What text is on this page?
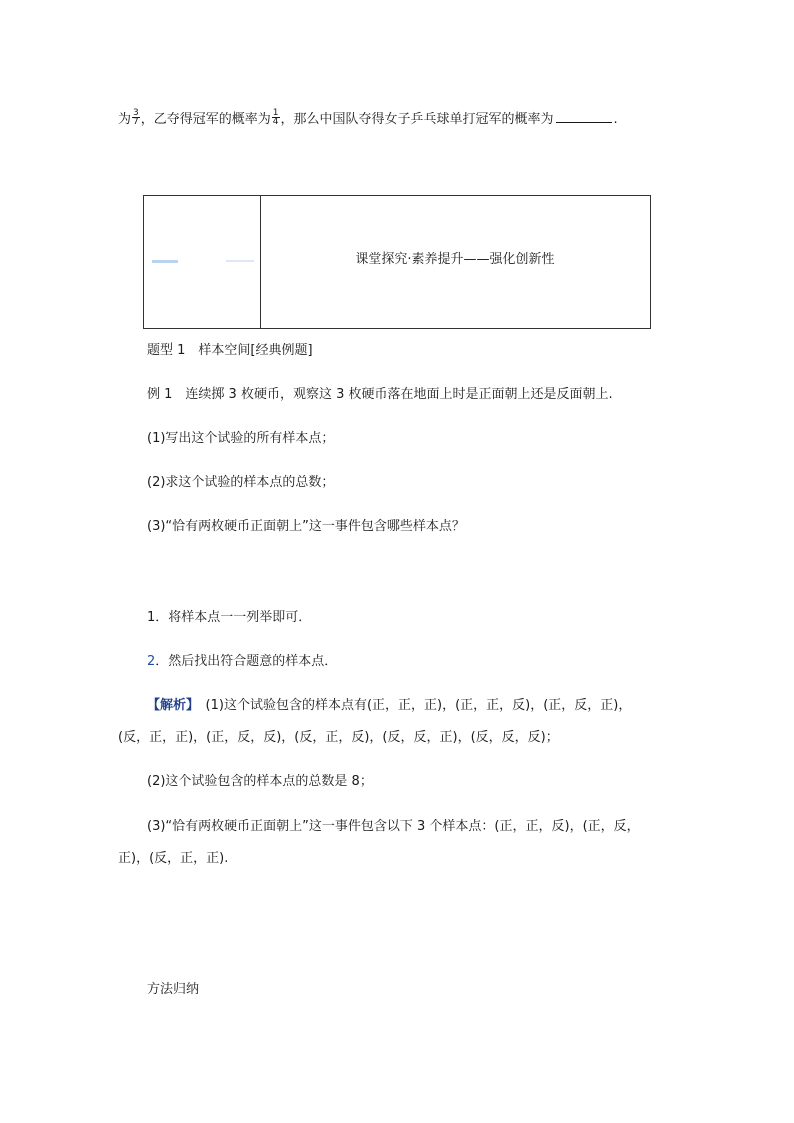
为 $\frac{3}{7}$ ，乙夺得冠军的概率为 $\frac{1}{4}$ ，那么中国队夺得女子乒乓球单打冠军的概率为	.
课堂探究·素养提升——强化创新性
题型 1　样本空间[经典例题]
例 1　连续掷 3 枚硬币，观察这 3 枚硬币落在地面上时是正面朝上还是反面朝上.
(1)写出这个试验的所有样本点；
(2)求这个试验的样本点的总数；
(3)“恰有两枚硬币正面朝上”这一事件包含哪些样本点？
1．将样本点一一列举即可．
2．然后找出符合题意的样本点．
【解析】　 (1)这个试验包含的样本点有(正，正，正)，(正，正，反)，(正，反，正)，
(反，正，正)，(正，反，反)，(反，正，反)，(反，反，正)，(反，反，反)；
(2)这个试验包含的样本点的总数是 8；
(3)“恰有两枚硬币正面朝上”这一事件包含以下 3 个样本点：(正，正，反)，(正，反，
正)，(反，正，正).
方法归纳
